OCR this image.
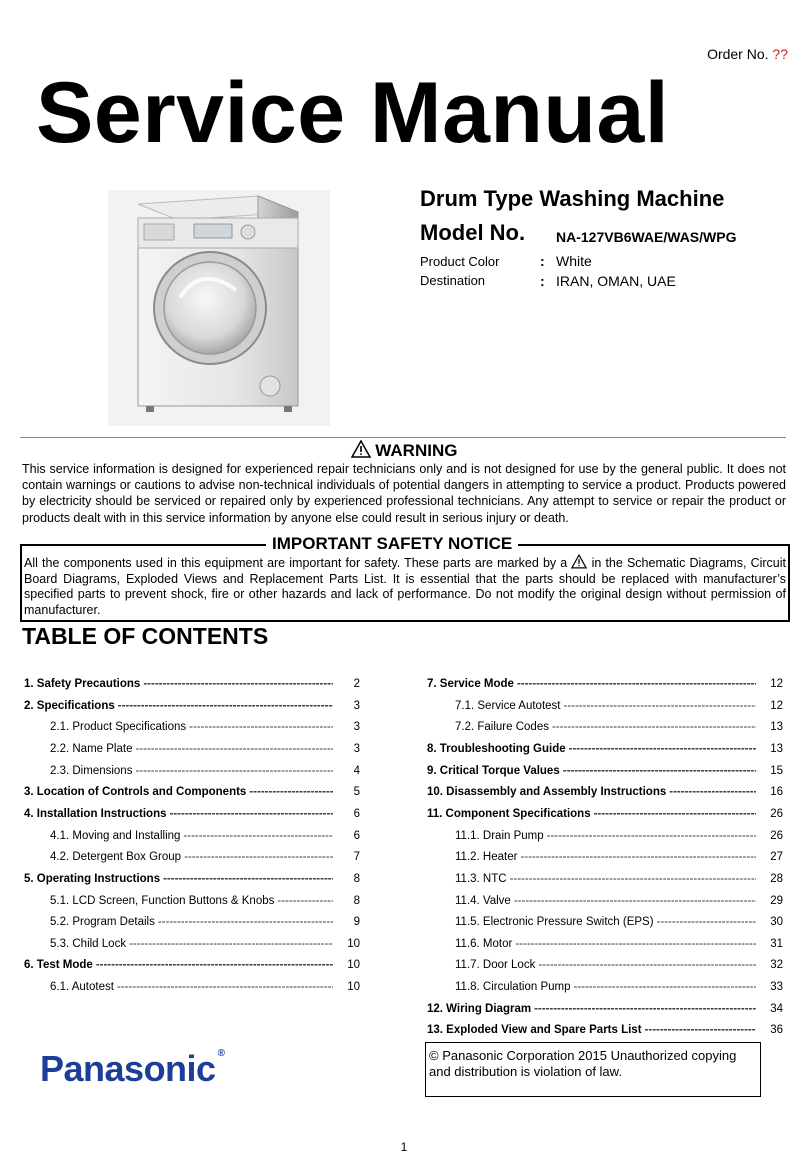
Order No. ??
Service Manual
Drum Type Washing Machine
Model No. NA-127VB6WAE/WAS/WPG
Product Color	: White
Destination	: IRAN, OMAN, UAE
WARNING
This service information is designed for experienced repair technicians only and is not designed for use by the general public. It does not contain warnings or cautions to advise non-technical individuals of potential dangers in attempting to service a product. Products powered by electricity should be serviced or repaired only by experienced professional technicians. Any attempt to service or repair the product or products dealt with in this service information by anyone else could result in serious injury or death.
IMPORTANT SAFETY NOTICE
All the components used in this equipment are important for safety. These parts are marked by a  in the Schematic Diagrams, Circuit Board Diagrams, Exploded Views and Replacement Parts List. It is essential that the parts should be replaced with manufacturer’s specified parts to prevent shock, fire or other hazards and lack of performance. Do not modify the original design without permission of manufacturer.
TABLE OF CONTENTS
1. Safety Precautions -----	2
2. Specifications -----	3
2.1. Product Specifications -----	3
2.2. Name Plate -----	3
2.3. Dimensions -----	4
3. Location of Controls and Components -----	5
4. Installation Instructions -----	6
4.1. Moving and Installing -----	6
4.2. Detergent Box Group -----	7
5. Operating Instructions -----	8
5.1. LCD Screen, Function Buttons & Knobs -----	8
5.2. Program Details -----	9
5.3. Child Lock -----	10
6. Test Mode -----	10
6.1. Autotest -----	10
7. Service Mode -----	12
7.1. Service Autotest -----	12
7.2. Failure Codes -----	13
8. Troubleshooting Guide -----	13
9. Critical Torque Values -----	15
10. Disassembly and Assembly Instructions -----	16
11. Component Specifications -----	26
11.1. Drain Pump -----	26
11.2. Heater -----	27
11.3. NTC -----	28
11.4. Valve -----	29
11.5. Electronic Pressure Switch (EPS) -----	30
11.6. Motor -----	31
11.7. Door Lock -----	32
11.8. Circulation Pump -----	33
12. Wiring Diagram -----	34
13. Exploded View and Spare Parts List -----	36
Panasonic ®	© Panasonic Corporation 2015 Unauthorized copying
and distribution is violation of law.
1
